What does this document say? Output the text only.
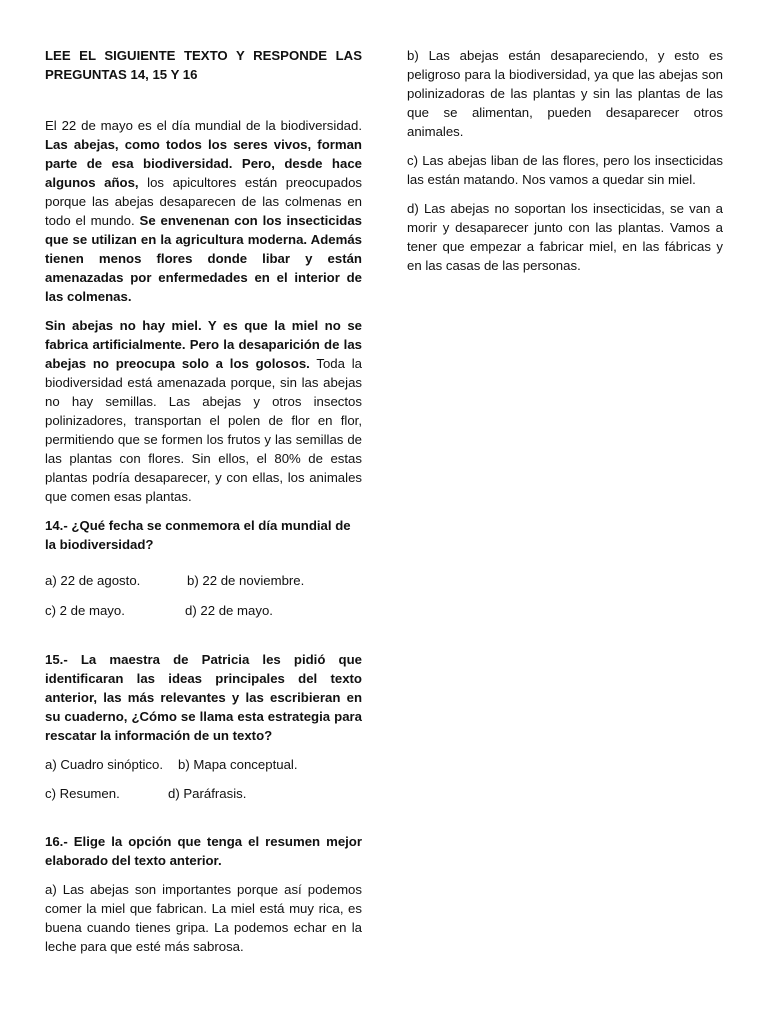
LEE EL SIGUIENTE TEXTO Y RESPONDE LAS PREGUNTAS 14, 15 Y 16

El 22 de mayo es el día mundial de la biodiversidad. Las abejas, como todos los seres vivos, forman parte de esa biodiversidad. Pero, desde hace algunos años, los apicultores están preocupados porque las abejas desaparecen de las colmenas en todo el mundo. Se envenenan con los insecticidas que se utilizan en la agricultura moderna. Además tienen menos flores donde libar y están amenazadas por enfermedades en el interior de las colmenas.

Sin abejas no hay miel. Y es que la miel no se fabrica artificialmente. Pero la desaparición de las abejas no preocupa solo a los golosos. Toda la biodiversidad está amenazada porque, sin las abejas no hay semillas. Las abejas y otros insectos polinizadores, transportan el polen de flor en flor, permitiendo que se formen los frutos y las semillas de las plantas con flores. Sin ellos, el 80% de estas plantas podría desaparecer, y con ellas, los animales que comen esas plantas.

14.- ¿Qué fecha se conmemora el día mundial de la biodiversidad?

a) 22 de agosto.	b) 22 de noviembre.
c) 2 de mayo.	d) 22 de mayo.

15.- La maestra de Patricia les pidió que identificaran las ideas principales del texto anterior, las más relevantes y las escribieran en su cuaderno, ¿Cómo se llama esta estrategia para rescatar la información de un texto?

a) Cuadro sinóptico. b) Mapa conceptual.
c) Resumen.	d) Paráfrasis.

16.- Elige la opción que tenga el resumen mejor elaborado del texto anterior.

a) Las abejas son importantes porque así podemos comer la miel que fabrican. La miel está muy rica, es buena cuando tienes gripa. La podemos echar en la leche para que esté más sabrosa.

b) Las abejas están desapareciendo, y esto es peligroso para la biodiversidad, ya que las abejas son polinizadoras de las plantas y sin las plantas de las que se alimentan, pueden desaparecer otros animales.

c) Las abejas liban de las flores, pero los insecticidas las están matando. Nos vamos a quedar sin miel.

d) Las abejas no soportan los insecticidas, se van a morir y desaparecer junto con las plantas. Vamos a tener que empezar a fabricar miel, en las fábricas y en las casas de las personas.
